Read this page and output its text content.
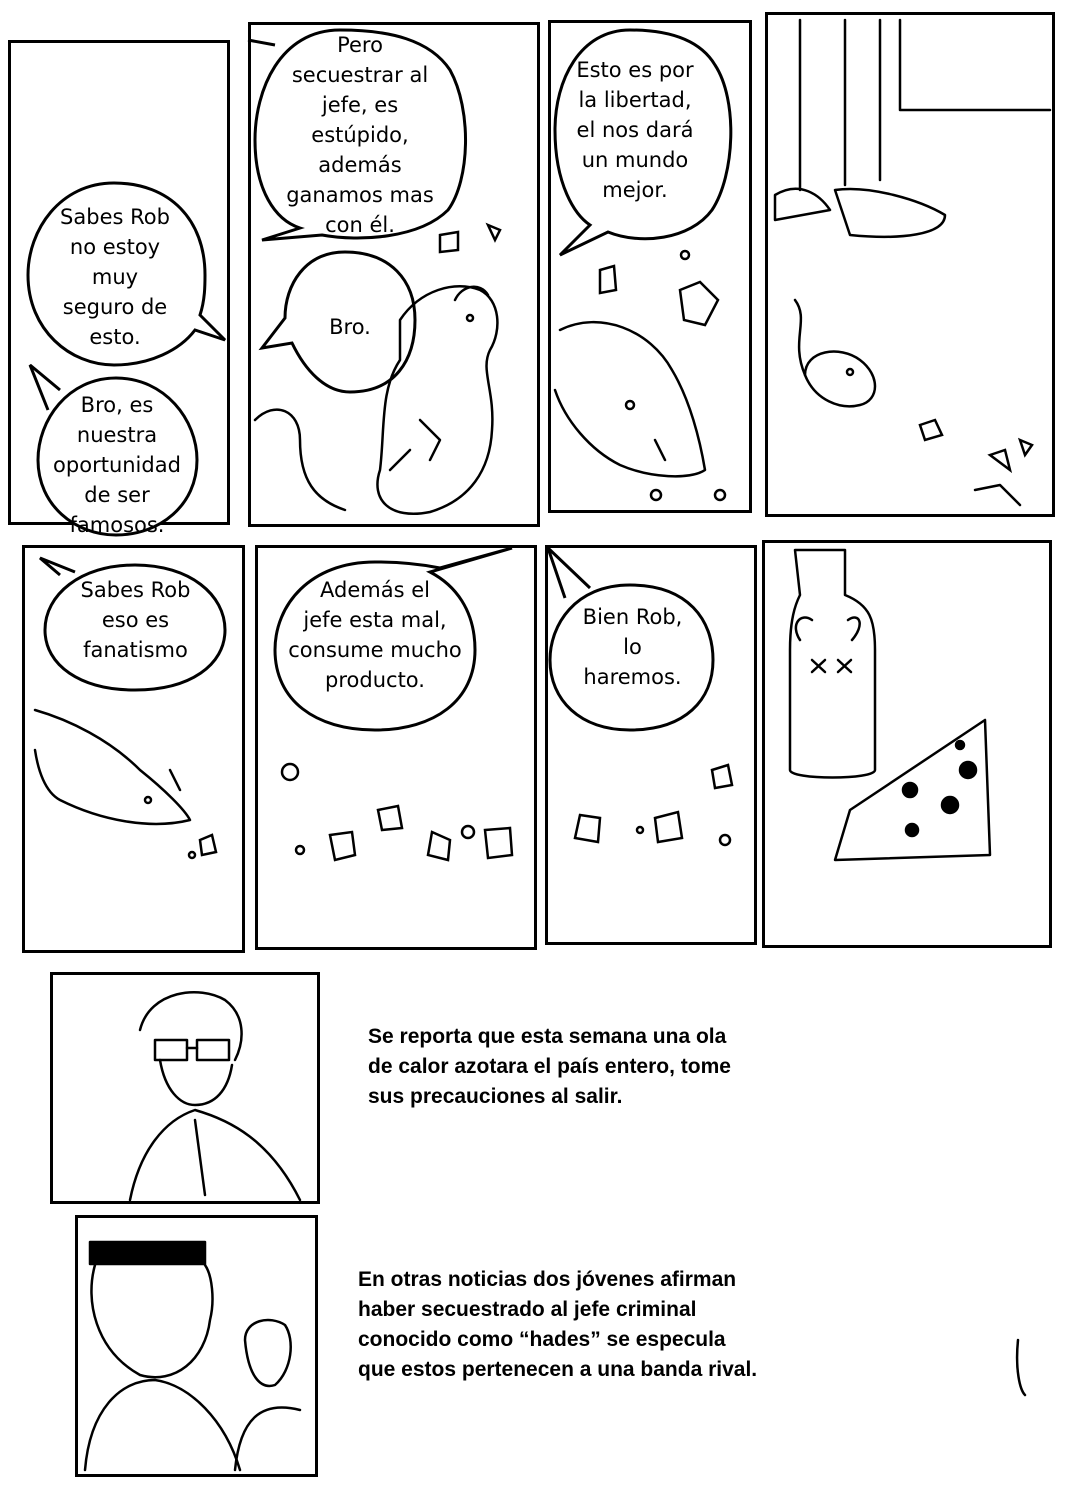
Sabes Rob
no estoy
muy
seguro de
esto.
Bro, es
nuestra
oportunidad
de ser
famosos.
Pero
secuestrar al
jefe, es
estúpido,
además
ganamos mas
con él.
Bro.
Esto es por
la libertad,
el nos dará
un mundo
mejor.
Sabes Rob
eso es
fanatismo
Además el
jefe esta mal,
consume mucho
producto.
Bien Rob,
lo
haremos.
Se reporta que esta semana una ola
de calor azotara el país entero, tome
sus precauciones al salir.
En otras noticias dos jóvenes afirman
haber secuestrado al jefe criminal
conocido como “hades” se especula
que estos pertenecen a una banda rival.
